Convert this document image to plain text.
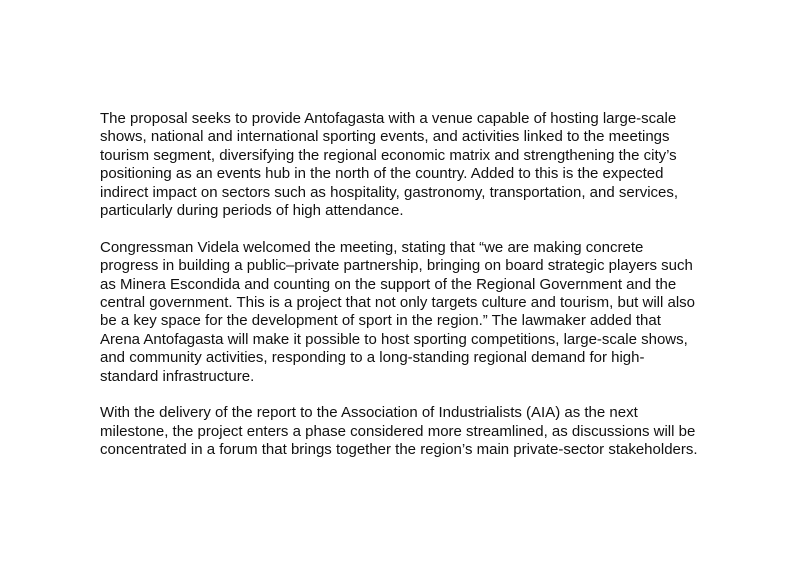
The proposal seeks to provide Antofagasta with a venue capable of hosting large-scale shows, national and international sporting events, and activities linked to the meetings tourism segment, diversifying the regional economic matrix and strengthening the city’s positioning as an events hub in the north of the country. Added to this is the expected indirect impact on sectors such as hospitality, gastronomy, transportation, and services, particularly during periods of high attendance.

Congressman Videla welcomed the meeting, stating that “we are making concrete progress in building a public–private partnership, bringing on board strategic players such as Minera Escondida and counting on the support of the Regional Government and the central government. This is a project that not only targets culture and tourism, but will also be a key space for the development of sport in the region.” The lawmaker added that Arena Antofagasta will make it possible to host sporting competitions, large-scale shows, and community activities, responding to a long-standing regional demand for high-standard infrastructure.

With the delivery of the report to the Association of Industrialists (AIA) as the next milestone, the project enters a phase considered more streamlined, as discussions will be concentrated in a forum that brings together the region’s main private-sector stakeholders.
